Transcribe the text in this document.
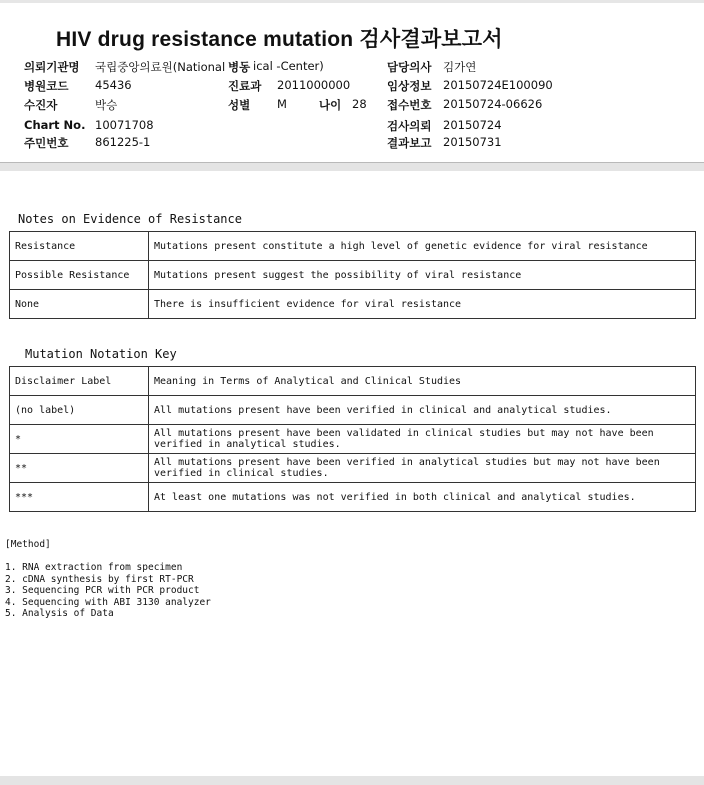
HIV drug resistance mutation 검사결과보고서
의뢰기관명 국립중앙의료원(National 병동 ical -Center)	담당의사 김가연
병원코드 45436	진료과 2011000000	임상정보 20150724E100090
수진자	박승	성별 M	나이 28 접수번호 20150724-06626
Chart No. 10071708	검사의뢰 20150724
주민번호 861225-1	결과보고 20150731
Notes on Evidence of Resistance
Resistance	Mutations present constitute a high level of genetic evidence for viral resistance
Possible Resistance	Mutations present suggest the possibility of viral resistance
None	There is insufficient evidence for viral resistance
Mutation Notation Key
Disclaimer Label	Meaning in Terms of Analytical and Clinical Studies
(no label)	All mutations present have been verified in clinical and analytical studies.
*	All mutations present have been validated in clinical studies but may not have been verified in analytical studies.
**	All mutations present have been verified in analytical studies but may not have been verified in clinical studies.
***	At least one mutations was not verified in both clinical and analytical studies.
[Method]
1. RNA extraction from specimen
2. cDNA synthesis by first RT-PCR
3. Sequencing PCR with PCR product
4. Sequencing with ABI 3130 analyzer
5. Analysis of Data
